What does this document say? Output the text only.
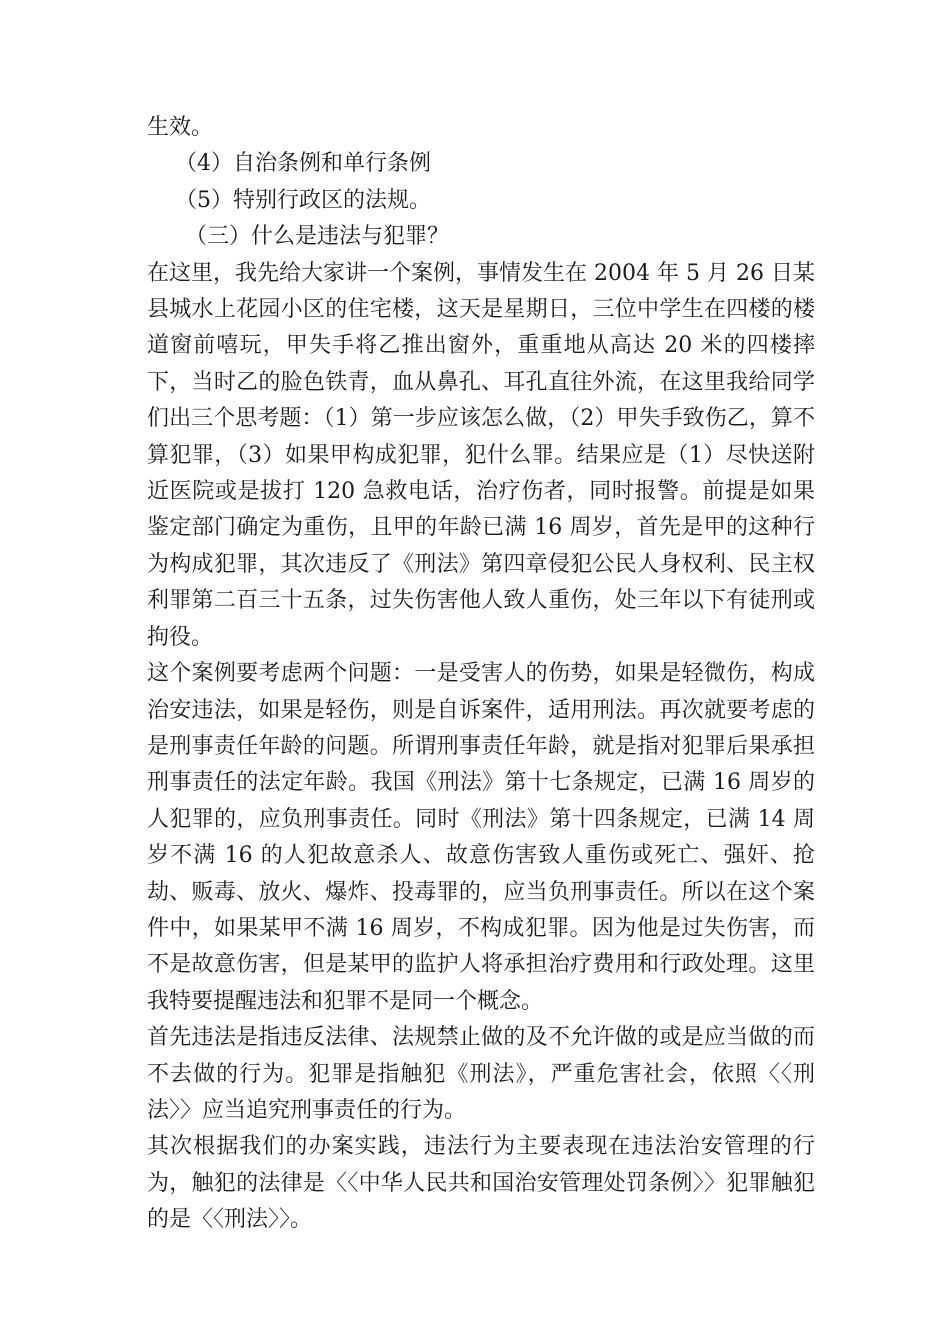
生效。

（4）自治条例和单行条例

（5）特别行政区的法规。

（三）什么是违法与犯罪？

在这里，我先给大家讲一个案例，事情发生在 2004 年 5 月 26 日某县城水上花园小区的住宅楼，这天是星期日，三位中学生在四楼的楼道窗前嘻玩，甲失手将乙推出窗外，重重地从高达 20 米的四楼摔下，当时乙的脸色铁青，血从鼻孔、耳孔直往外流，在这里我给同学们出三个思考题：（1）第一步应该怎么做，（2）甲失手致伤乙，算不算犯罪，（3）如果甲构成犯罪，犯什么罪。结果应是（1）尽快送附近医院或是拔打 120 急救电话，治疗伤者，同时报警。前提是如果鉴定部门确定为重伤，且甲的年龄已满 16 周岁，首先是甲的这种行为构成犯罪，其次违反了《刑法》第四章侵犯公民人身权利、民主权利罪第二百三十五条，过失伤害他人致人重伤，处三年以下有徒刑或拘役。

这个案例要考虑两个问题：一是受害人的伤势，如果是轻微伤，构成治安违法，如果是轻伤，则是自诉案件，适用刑法。再次就要考虑的是刑事责任年龄的问题。所谓刑事责任年龄，就是指对犯罪后果承担刑事责任的法定年龄。我国《刑法》第十七条规定，已满 16 周岁的人犯罪的，应负刑事责任。同时《刑法》第十四条规定，已满 14 周岁不满 16 的人犯故意杀人、故意伤害致人重伤或死亡、强奸、抢劫、贩毒、放火、爆炸、投毒罪的，应当负刑事责任。所以在这个案件中，如果某甲不满 16 周岁，不构成犯罪。因为他是过失伤害，而不是故意伤害，但是某甲的监护人将承担治疗费用和行政处理。这里我特要提醒违法和犯罪不是同一个概念。

首先违法是指违反法律、法规禁止做的及不允许做的或是应当做的而不去做的行为。犯罪是指触犯《刑法》，严重危害社会，依照〈〈刑法〉〉应当追究刑事责任的行为。

其次根据我们的办案实践，违法行为主要表现在违法治安管理的行为，触犯的法律是〈〈中华人民共和国治安管理处罚条例〉〉犯罪触犯的是〈〈刑法〉〉。
